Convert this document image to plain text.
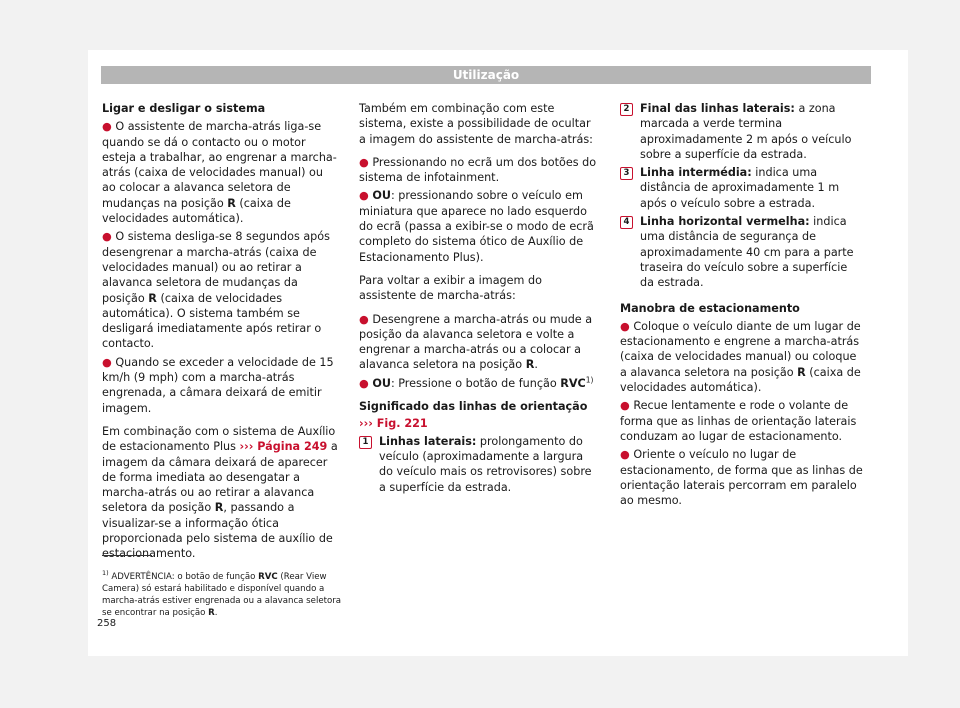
Utilização

Ligar e desligar o sistema

● O assistente de marcha-atrás liga-se quando se dá o contacto ou o motor esteja a trabalhar, ao engrenar a marcha-atrás (caixa de velocidades manual) ou ao colocar a alavanca seletora de mudanças na posição R (caixa de velocidades automática).

● O sistema desliga-se 8 segundos após desengrenar a marcha-atrás (caixa de velocidades manual) ou ao retirar a alavanca seletora de mudanças da posição R (caixa de velocidades automática). O sistema também se desligará imediatamente após retirar o contacto.

● Quando se exceder a velocidade de 15 km/h (9 mph) com a marcha-atrás engrenada, a câmara deixará de emitir imagem.

Em combinação com o sistema de Auxílio de estacionamento Plus ››› Página 249 a imagem da câmara deixará de aparecer de forma imediata ao desengatar a marcha-atrás ou ao retirar a alavanca seletora da posição R, passando a visualizar-se a informação ótica proporcionada pelo sistema de auxílio de estacionamento.

Também em combinação com este sistema, existe a possibilidade de ocultar a imagem do assistente de marcha-atrás:

● Pressionando no ecrã um dos botões do sistema de infotainment.

● OU: pressionando sobre o veículo em miniatura que aparece no lado esquerdo do ecrã (passa a exibir-se o modo de ecrã completo do sistema ótico de Auxílio de Estacionamento Plus).

Para voltar a exibir a imagem do assistente de marcha-atrás:

● Desengrene a marcha-atrás ou mude a posição da alavanca seletora e volte a engrenar a marcha-atrás ou a colocar a alavanca seletora na posição R.

● OU: Pressione o botão de função RVC$^{1)}$

Significado das linhas de orientação

››› Fig. 221

1 Linhas laterais: prolongamento do veículo (aproximadamente a largura do veículo mais os retrovisores) sobre a superfície da estrada.
2 Final das linhas laterais: a zona marcada a verde termina aproximadamente 2 m após o veículo sobre a superfície da estrada.
3 Linha intermédia: indica uma distância de aproximadamente 1 m após o veículo sobre a estrada.
4 Linha horizontal vermelha: indica uma distância de segurança de aproximadamente 40 cm para a parte traseira do veículo sobre a superfície da estrada.

Manobra de estacionamento

● Coloque o veículo diante de um lugar de estacionamento e engrene a marcha-atrás (caixa de velocidades manual) ou coloque a alavanca seletora na posição R (caixa de velocidades automática).

● Recue lentamente e rode o volante de forma que as linhas de orientação laterais conduzam ao lugar de estacionamento.

● Oriente o veículo no lugar de estacionamento, de forma que as linhas de orientação laterais percorram em paralelo ao mesmo.

$^{1)}$ ADVERTÊNCIA: o botão de função RVC (Rear View Camera) só estará habilitado e disponível quando a marcha-atrás estiver engrenada ou a alavanca seletora se encontrar na posição R.
258
